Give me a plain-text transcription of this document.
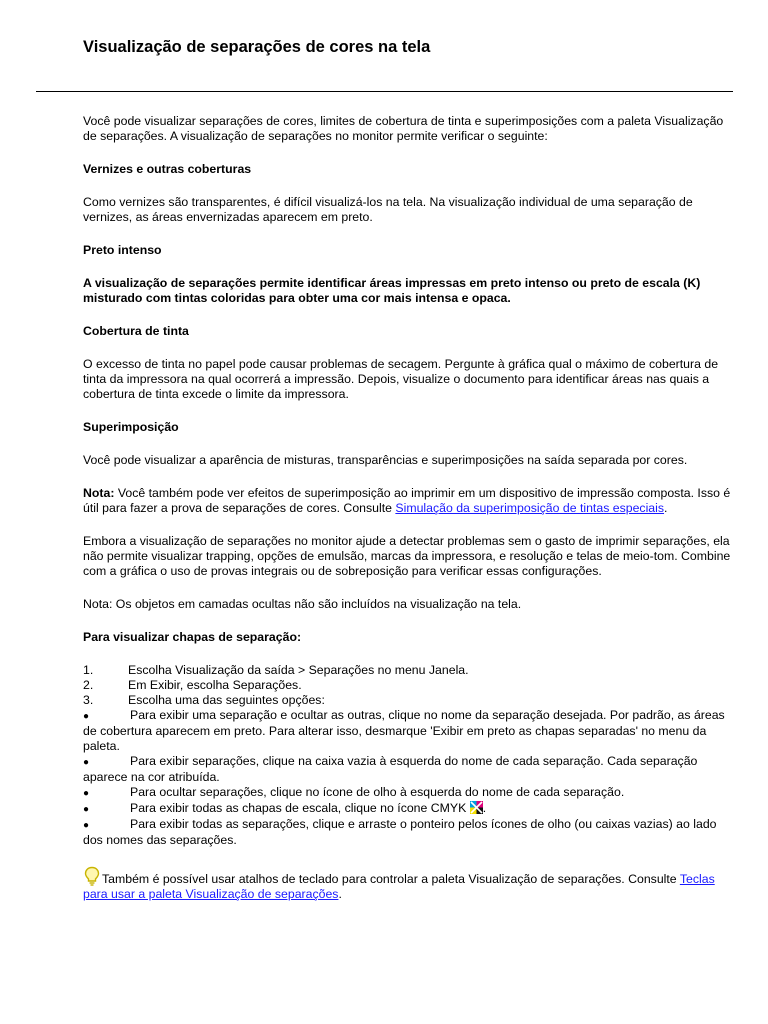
Visualização de separações de cores na tela

Você pode visualizar separações de cores, limites de cobertura de tinta e superimposições com a paleta Visualização de separações. A visualização de separações no monitor permite verificar o seguinte:

Vernizes e outras coberturas

Como vernizes são transparentes, é difícil visualizá-los na tela. Na visualização individual de uma separação de vernizes, as áreas envernizadas aparecem em preto.

Preto intenso

A visualização de separações permite identificar áreas impressas em preto intenso ou preto de escala (K) misturado com tintas coloridas para obter uma cor mais intensa e opaca.

Cobertura de tinta

O excesso de tinta no papel pode causar problemas de secagem. Pergunte à gráfica qual o máximo de cobertura de tinta da impressora na qual ocorrerá a impressão. Depois, visualize o documento para identificar áreas nas quais a cobertura de tinta excede o limite da impressora.

Superimposição

Você pode visualizar a aparência de misturas, transparências e superimposições na saída separada por cores.

Nota: Você também pode ver efeitos de superimposição ao imprimir em um dispositivo de impressão composta. Isso é útil para fazer a prova de separações de cores. Consulte Simulação da superimposição de tintas especiais.

Embora a visualização de separações no monitor ajude a detectar problemas sem o gasto de imprimir separações, ela não permite visualizar trapping, opções de emulsão, marcas da impressora, e resolução e telas de meio-tom. Combine com a gráfica o uso de provas integrais ou de sobreposição para verificar essas configurações.

Nota: Os objetos em camadas ocultas não são incluídos na visualização na tela.

Para visualizar chapas de separação:

1.	Escolha Visualização da saída > Separações no menu Janela.
2.	Em Exibir, escolha Separações.
3.	Escolha uma das seguintes opções:
●	Para exibir uma separação e ocultar as outras, clique no nome da separação desejada. Por padrão, as áreas de cobertura aparecem em preto. Para alterar isso, desmarque 'Exibir em preto as chapas separadas' no menu da paleta.
●	Para exibir separações, clique na caixa vazia à esquerda do nome de cada separação. Cada separação aparece na cor atribuída.
●	Para ocultar separações, clique no ícone de olho à esquerda do nome de cada separação.
●	Para exibir todas as chapas de escala, clique no ícone CMYK .
●	Para exibir todas as separações, clique e arraste o ponteiro pelos ícones de olho (ou caixas vazias) ao lado dos nomes das separações.

Também é possível usar atalhos de teclado para controlar a paleta Visualização de separações. Consulte Teclas para usar a paleta Visualização de separações.
